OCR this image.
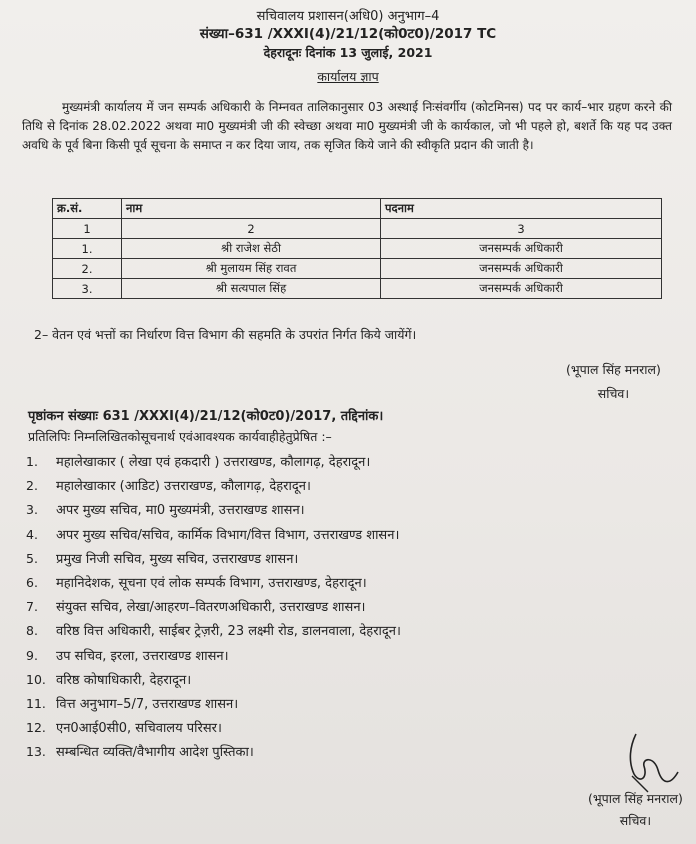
सचिवालय प्रशासन(अधि0) अनुभाग–4
संख्या–631 /XXXI(4)/21/12(को0ट0)/2017 TC
देहरादूनः दिनांक 13 जुलाई, 2021
कार्यालय ज्ञाप
मुख्यमंत्री कार्यालय में जन सम्पर्क अधिकारी के निम्नवत तालिकानुसार 03 अस्थाई निःसंवर्गीय (कोटमिनस) पद पर कार्य–भार ग्रहण करने की तिथि से दिनांक 28.02.2022 अथवा मा0 मुख्यमंत्री जी की स्वेच्छा अथवा मा0 मुख्यमंत्री जी के कार्यकाल, जो भी पहले हो, बशर्ते कि यह पद उक्त अवधि के पूर्व बिना किसी पूर्व सूचना के समाप्त न कर दिया जाय, तक सृजित किये जाने की स्वीकृति प्रदान की जाती है।
क्र.सं.	नाम	पदनाम
1	2	3
1.	श्री राजेश सेठी	जनसम्पर्क अधिकारी
2.	श्री मुलायम सिंह रावत	जनसम्पर्क अधिकारी
3.	श्री सत्यपाल सिंह	जनसम्पर्क अधिकारी
2– वेतन एवं भत्तों का निर्धारण वित्त विभाग की सहमति के उपरांत निर्गत किये जायेंगें।
(भूपाल सिंह मनराल)
सचिव।
पृष्ठांकन संख्याः 631 /XXXI(4)/21/12(को0ट0)/2017, तद्दिनांक।
प्रतिलिपिः निम्नलिखितकोसूचनार्थ एवंआवश्यक कार्यवाहीहेतुप्रेषित :–
1. महालेखाकार ( लेखा एवं हकदारी ) उत्तराखण्ड, कौलागढ़, देहरादून।
2. महालेखाकार (आडिट) उत्तराखण्ड, कौलागढ़, देहरादून।
3. अपर मुख्य सचिव, मा0 मुख्यमंत्री, उत्तराखण्ड शासन।
4. अपर मुख्य सचिव/सचिव, कार्मिक विभाग/वित्त विभाग, उत्तराखण्ड शासन।
5. प्रमुख निजी सचिव, मुख्य सचिव, उत्तराखण्ड शासन।
6. महानिदेशक, सूचना एवं लोक सम्पर्क विभाग, उत्तराखण्ड, देहरादून।
7. संयुक्त सचिव, लेखा/आहरण–वितरणअधिकारी, उत्तराखण्ड शासन।
8. वरिष्ठ वित्त अधिकारी, साईबर ट्रेज़री, 23 लक्ष्मी रोड, डालनवाला, देहरादून।
9. उप सचिव, इरला, उत्तराखण्ड शासन।
10. वरिष्ठ कोषाधिकारी, देहरादून।
11. वित्त अनुभाग–5/7, उत्तराखण्ड शासन।
12. एन0आई0सी0, सचिवालय परिसर।
13. सम्बन्धित व्यक्ति/वैभागीय आदेश पुस्तिका।
(भूपाल सिंह मनराल)
सचिव।
